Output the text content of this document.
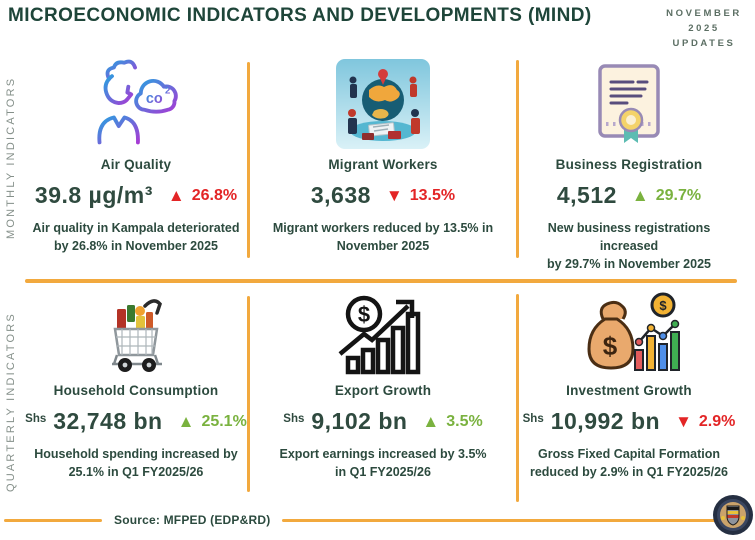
MICROECONOMIC INDICATORS AND DEVELOPMENTS (MIND)	NOVEMBER
2025
UPDATES
MONTHLY INDICATORS
QUARTERLY INDICATORS
co
2
Air Quality
39.8 µg/m³ ▲ 26.8%
Air quality in Kampala deteriorated
by 26.8% in November 2025
Migrant Workers
3,638 ▼ 13.5%
Migrant workers reduced by 13.5% in
November 2025
Business Registration
4,512 ▲ 29.7%
New business registrations increased
by 29.7% in November 2025
Household Consumption
Shs 32,748 bn ▲ 25.1%
Household spending increased by
25.1% in Q1 FY2025/26
$
Export Growth
Shs 9,102 bn ▲ 3.5%
Export earnings increased by 3.5%
in Q1 FY2025/26
$
$
Investment Growth
Shs 10,992 bn ▼ 2.9%
Gross Fixed Capital Formation
reduced by 2.9% in Q1 FY2025/26
Source: MFPED (EDP&RD)
